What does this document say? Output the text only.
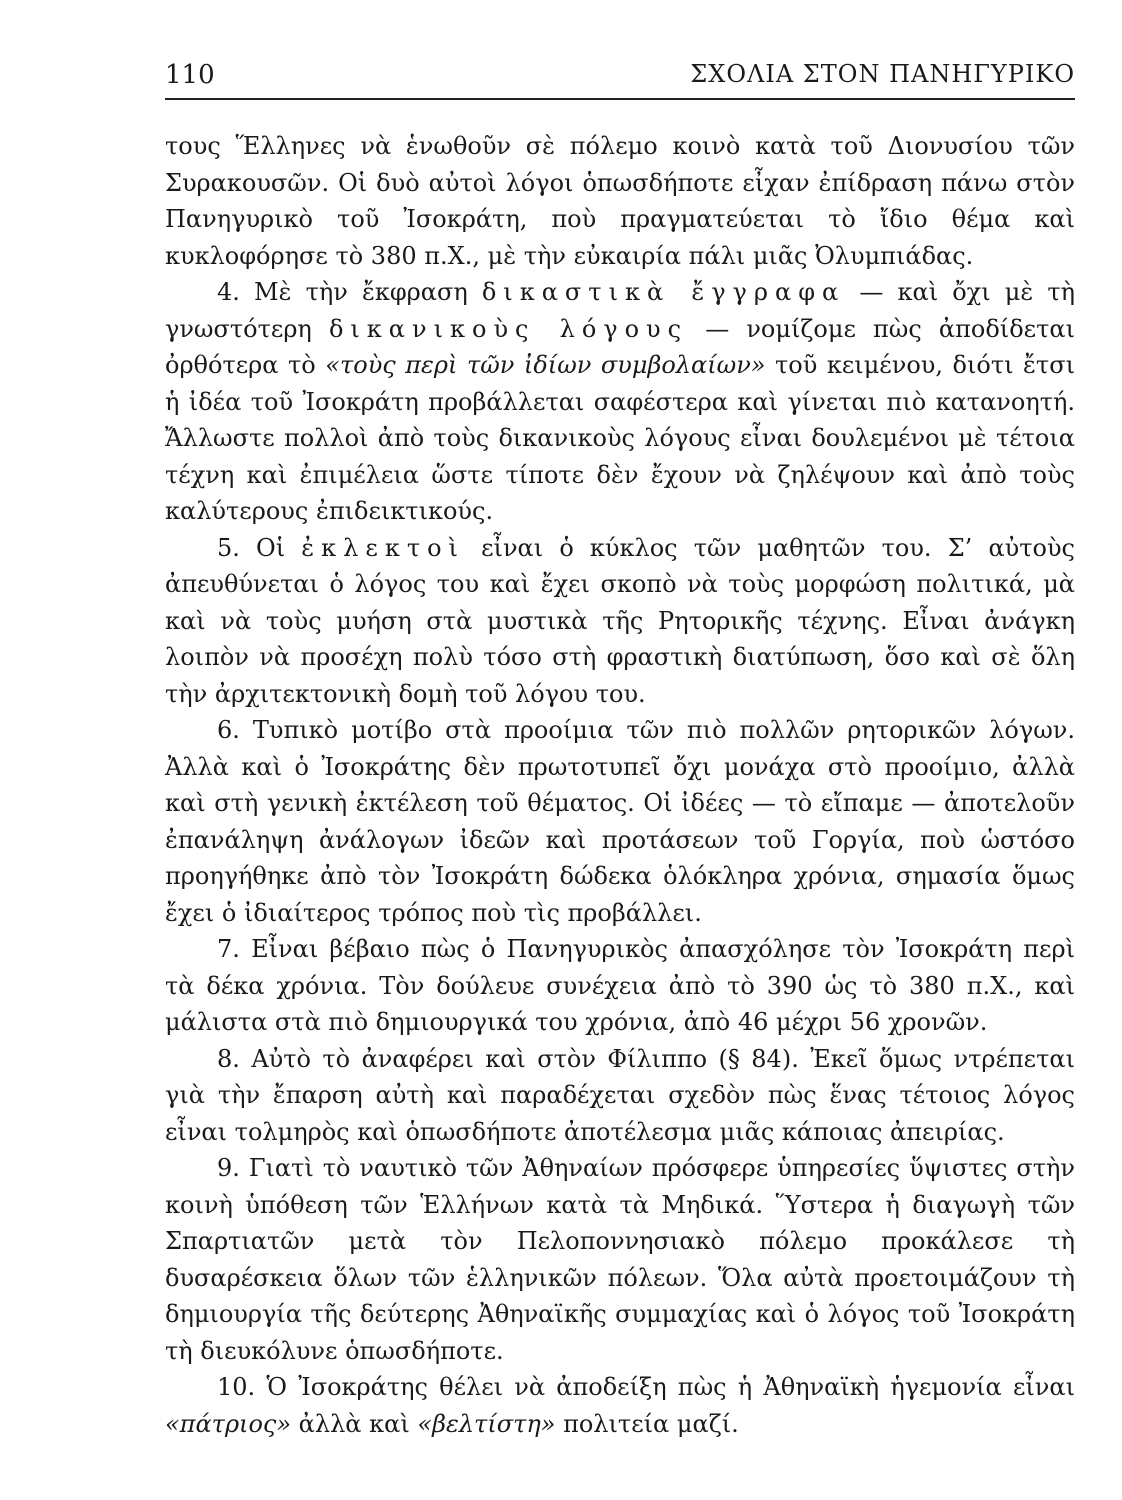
110	ΣΧΟΛΙΑ ΣΤΟΝ ΠΑΝΗΓΥΡΙΚΟ

τους Ἕλληνες νὰ ἑνωθοῦν σὲ πόλεμο κοινὸ κατὰ τοῦ Διονυσίου τῶν Συρακουσῶν. Οἱ δυὸ αὐτοὶ λόγοι ὁπωσδήποτε εἶχαν ἐπίδραση πάνω στὸν Πανηγυρικὸ τοῦ Ἰσοκράτη, ποὺ πραγματεύεται τὸ ἴδιο θέμα καὶ κυκλοφόρησε τὸ 380 π.Χ., μὲ τὴν εὐκαιρία πάλι μιᾶς Ὀλυμπιάδας.

4. Μὲ τὴν ἔκφραση δικαστικὰ ἔγγραφα — καὶ ὄχι μὲ τὴ γνωστότερη δικανικοὺς λόγους — νομίζομε πὼς ἀποδίδεται ὀρθότερα τὸ «τοὺς περὶ τῶν ἰδίων συμβολαίων» τοῦ κειμένου, διότι ἔτσι ἡ ἰδέα τοῦ Ἰσοκράτη προβάλλεται σαφέστερα καὶ γίνεται πιὸ κατανοητή. Ἄλλωστε πολλοὶ ἀπὸ τοὺς δικανικοὺς λόγους εἶναι δουλεμένοι μὲ τέτοια τέχνη καὶ ἐπιμέλεια ὥστε τίποτε δὲν ἔχουν νὰ ζηλέψουν καὶ ἀπὸ τοὺς καλύτερους ἐπιδεικτικούς.

5. Οἱ ἐκλεκτοὶ εἶναι ὁ κύκλος τῶν μαθητῶν του. Σ’ αὐτοὺς ἀπευθύνεται ὁ λόγος του καὶ ἔχει σκοπὸ νὰ τοὺς μορφώση πολιτικά, μὰ καὶ νὰ τοὺς μυήση στὰ μυστικὰ τῆς Ρητορικῆς τέχνης. Εἶναι ἀνάγκη λοιπὸν νὰ προσέχη πολὺ τόσο στὴ φραστικὴ διατύπωση, ὅσο καὶ σὲ ὅλη τὴν ἀρχιτεκτονικὴ δομὴ τοῦ λόγου του.

6. Τυπικὸ μοτίβο στὰ προοίμια τῶν πιὸ πολλῶν ρητορικῶν λόγων. Ἀλλὰ καὶ ὁ Ἰσοκράτης δὲν πρωτοτυπεῖ ὄχι μονάχα στὸ προοίμιο, ἀλλὰ καὶ στὴ γενικὴ ἐκτέλεση τοῦ θέματος. Οἱ ἰδέες — τὸ εἴπαμε — ἀποτελοῦν ἐπανάληψη ἀνάλογων ἰδεῶν καὶ προτάσεων τοῦ Γοργία, ποὺ ὡστόσο προηγήθηκε ἀπὸ τὸν Ἰσοκράτη δώδεκα ὁλόκληρα χρόνια, σημασία ὅμως ἔχει ὁ ἰδιαίτερος τρόπος ποὺ τὶς προβάλλει.

7. Εἶναι βέβαιο πὼς ὁ Πανηγυρικὸς ἀπασχόλησε τὸν Ἰσοκράτη περὶ τὰ δέκα χρόνια. Τὸν δούλευε συνέχεια ἀπὸ τὸ 390 ὡς τὸ 380 π.Χ., καὶ μάλιστα στὰ πιὸ δημιουργικά του χρόνια, ἀπὸ 46 μέχρι 56 χρονῶν.

8. Αὐτὸ τὸ ἀναφέρει καὶ στὸν Φίλιππο (§ 84). Ἐκεῖ ὅμως ντρέπεται γιὰ τὴν ἔπαρση αὐτὴ καὶ παραδέχεται σχεδὸν πὼς ἕνας τέτοιος λόγος εἶναι τολμηρὸς καὶ ὁπωσδήποτε ἀποτέλεσμα μιᾶς κάποιας ἀπειρίας.

9. Γιατὶ τὸ ναυτικὸ τῶν Ἀθηναίων πρόσφερε ὑπηρεσίες ὕψιστες στὴν κοινὴ ὑπόθεση τῶν Ἑλλήνων κατὰ τὰ Μηδικά. Ὕστερα ἡ διαγωγὴ τῶν Σπαρτιατῶν μετὰ τὸν Πελοποννησιακὸ πόλεμο προκάλεσε τὴ δυσαρέσκεια ὅλων τῶν ἑλληνικῶν πόλεων. Ὅλα αὐτὰ προετοιμάζουν τὴ δημιουργία τῆς δεύτερης Ἀθηναϊκῆς συμμαχίας καὶ ὁ λόγος τοῦ Ἰσοκράτη τὴ διευκόλυνε ὁπωσδήποτε.

10. Ὁ Ἰσοκράτης θέλει νὰ ἀποδείξη πὼς ἡ Ἀθηναϊκὴ ἡγεμονία εἶναι «πάτριος» ἀλλὰ καὶ «βελτίστη» πολιτεία μαζί.
